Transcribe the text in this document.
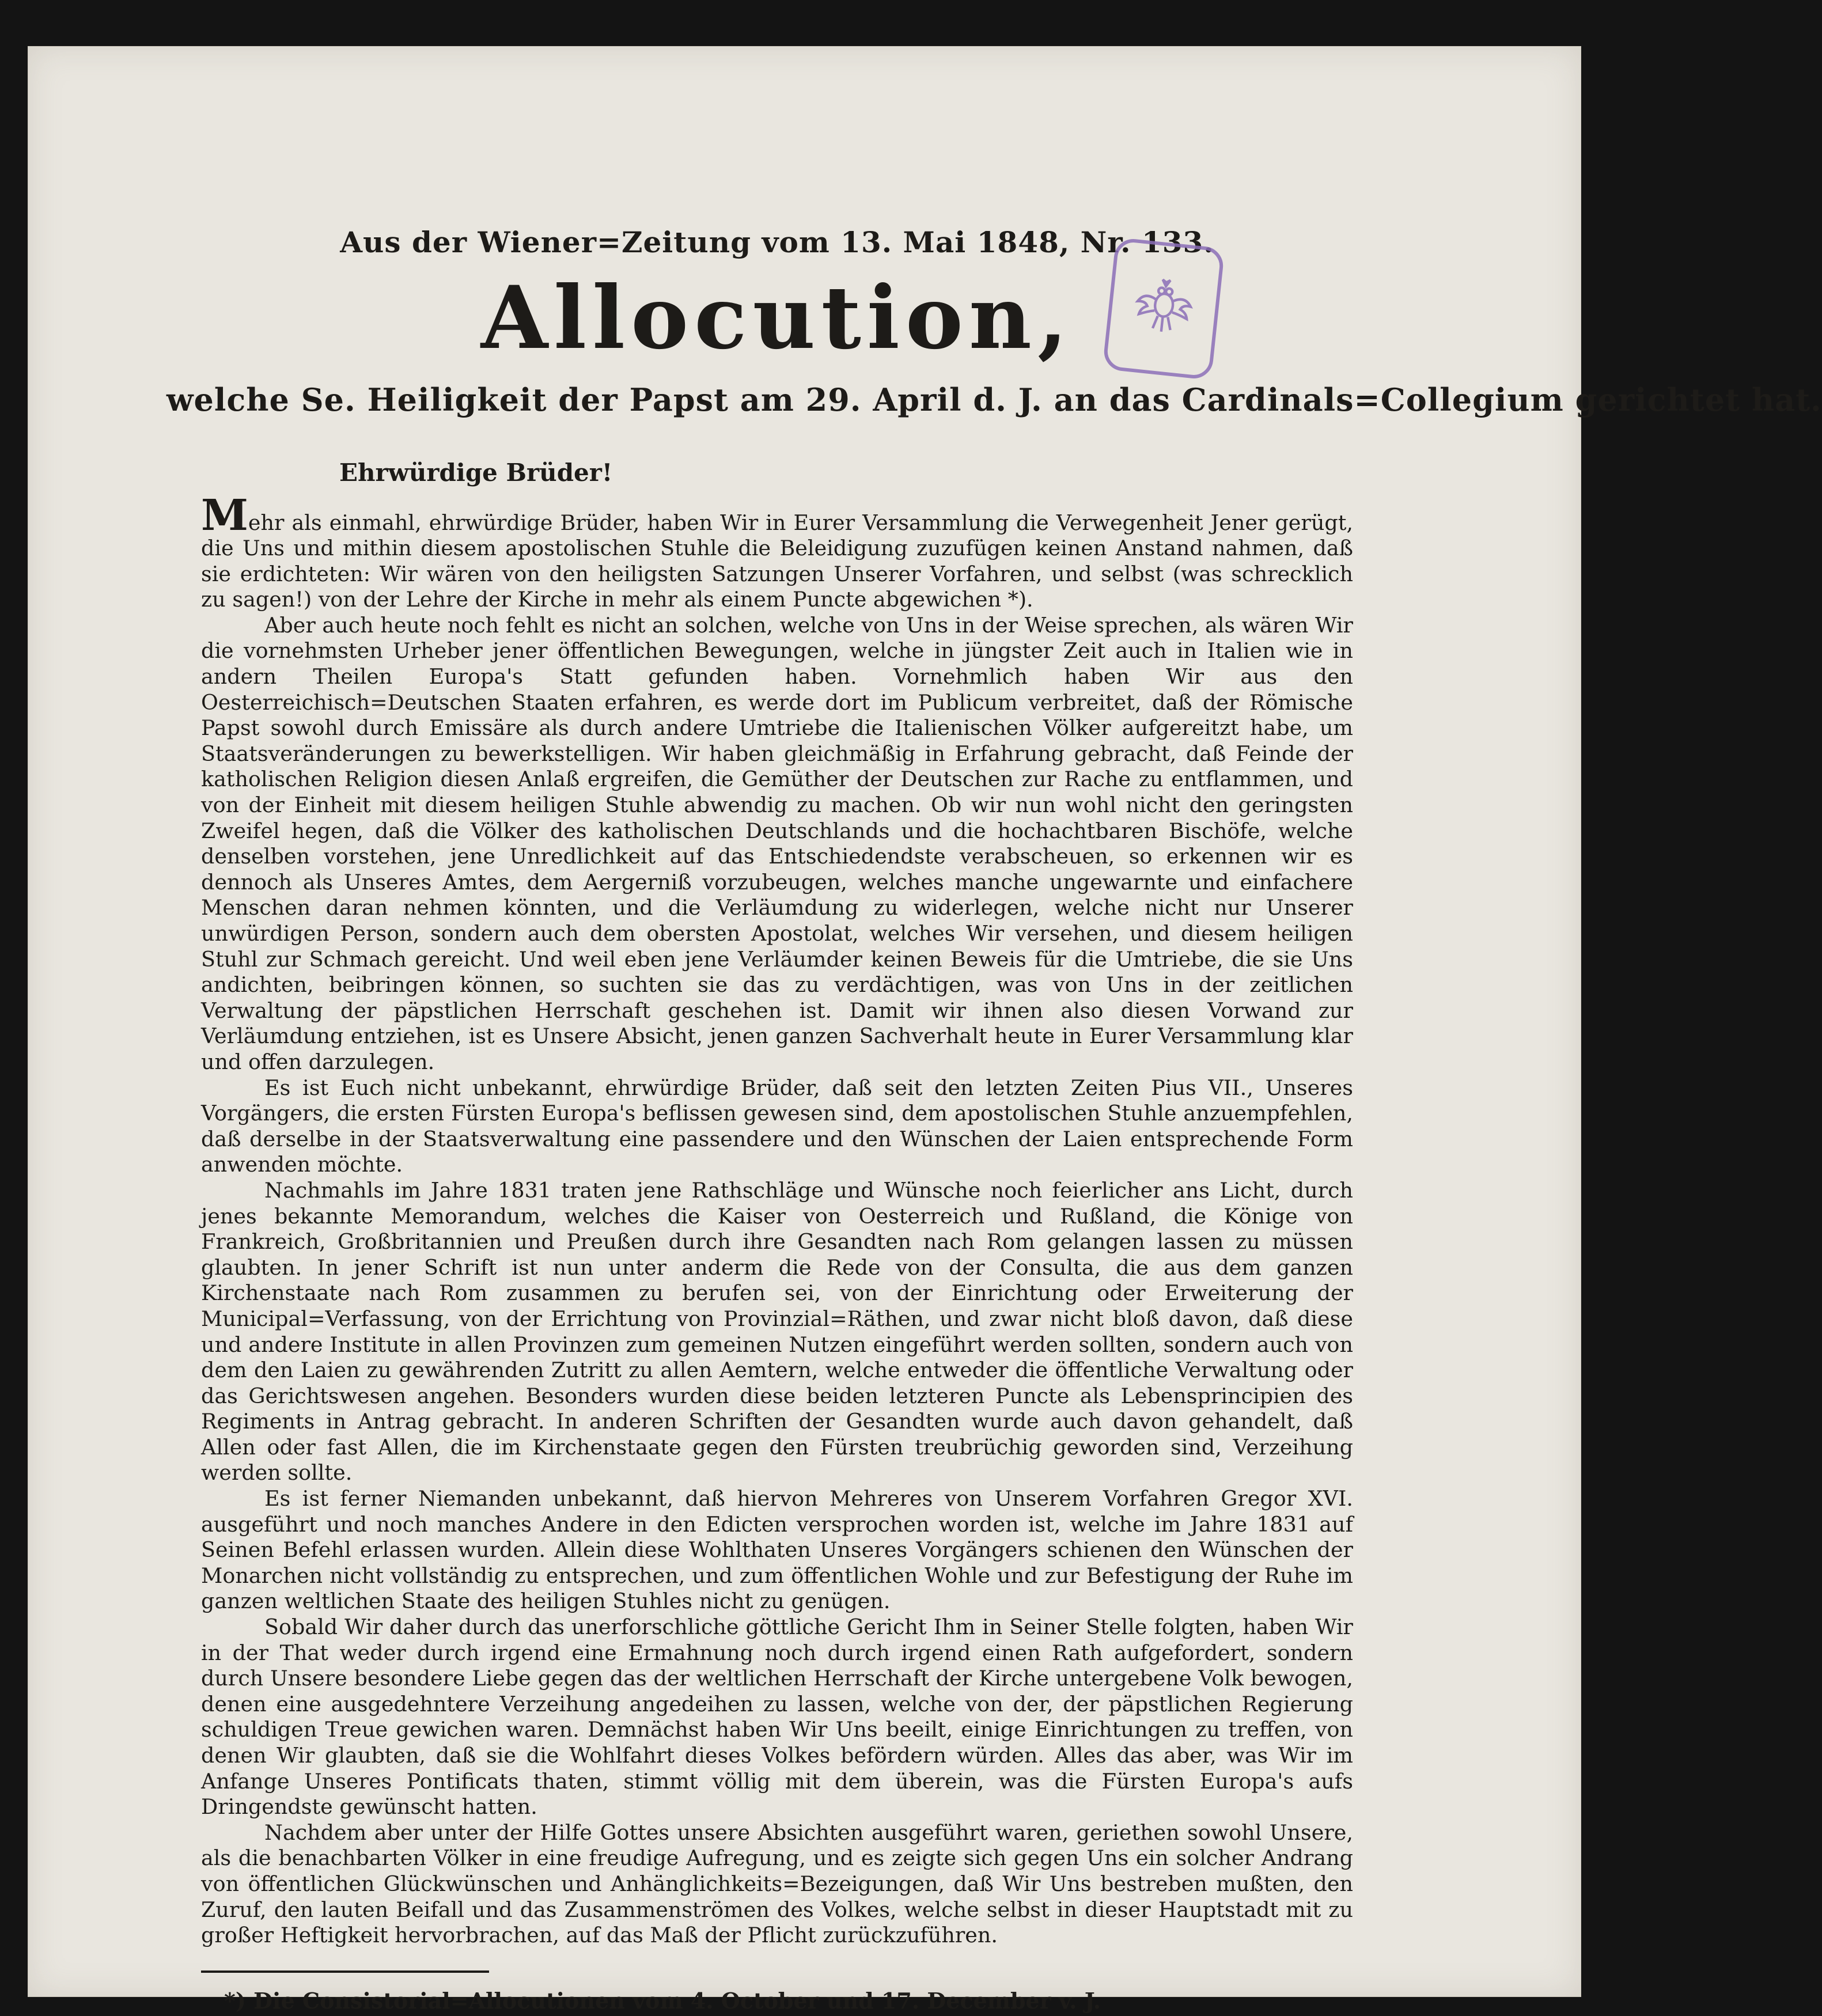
Aus der Wiener=Zeitung vom 13. Mai 1848, Nr. 133.
Allocution,
welche Se. Heiligkeit der Papst am 29. April d. J. an das Cardinals=Collegium gerichtet hat.
Ehrwürdige Brüder!

Mehr als einmahl, ehrwürdige Brüder, haben Wir in Eurer Versammlung die Verwegenheit Jener gerügt, die Uns und mithin diesem apostolischen Stuhle die Beleidigung zuzufügen keinen Anstand nahmen, daß sie erdichteten: Wir wären von den heiligsten Satzungen Unserer Vorfahren, und selbst (was schrecklich zu sagen!) von der Lehre der Kirche in mehr als einem Puncte abgewichen *).

Aber auch heute noch fehlt es nicht an solchen, welche von Uns in der Weise sprechen, als wären Wir die vornehmsten Urheber jener öffentlichen Bewegungen, welche in jüngster Zeit auch in Italien wie in andern Theilen Europa's Statt gefunden haben. Vornehmlich haben Wir aus den Oesterreichisch=Deutschen Staaten erfahren, es werde dort im Publicum verbreitet, daß der Römische Papst sowohl durch Emissäre als durch andere Umtriebe die Italienischen Völker aufgereitzt habe, um Staatsveränderungen zu bewerkstelligen. Wir haben gleichmäßig in Erfahrung gebracht, daß Feinde der katholischen Religion diesen Anlaß ergreifen, die Gemüther der Deutschen zur Rache zu entflammen, und von der Einheit mit diesem heiligen Stuhle abwendig zu machen. Ob wir nun wohl nicht den geringsten Zweifel hegen, daß die Völker des katholischen Deutschlands und die hochachtbaren Bischöfe, welche denselben vorstehen, jene Unredlichkeit auf das Entschiedendste verabscheuen, so erkennen wir es dennoch als Unseres Amtes, dem Aergerniß vorzubeugen, welches manche ungewarnte und einfachere Menschen daran nehmen könnten, und die Verläumdung zu widerlegen, welche nicht nur Unserer unwürdigen Person, sondern auch dem obersten Apostolat, welches Wir versehen, und diesem heiligen Stuhl zur Schmach gereicht. Und weil eben jene Verläumder keinen Beweis für die Umtriebe, die sie Uns andichten, beibringen können, so suchten sie das zu verdächtigen, was von Uns in der zeitlichen Verwaltung der päpstlichen Herrschaft geschehen ist. Damit wir ihnen also diesen Vorwand zur Verläumdung entziehen, ist es Unsere Absicht, jenen ganzen Sachverhalt heute in Eurer Versammlung klar und offen darzulegen.

Es ist Euch nicht unbekannt, ehrwürdige Brüder, daß seit den letzten Zeiten Pius VII., Unseres Vorgängers, die ersten Fürsten Europa's beflissen gewesen sind, dem apostolischen Stuhle anzuempfehlen, daß derselbe in der Staatsverwaltung eine passendere und den Wünschen der Laien entsprechende Form anwenden möchte.

Nachmahls im Jahre 1831 traten jene Rathschläge und Wünsche noch feierlicher ans Licht, durch jenes bekannte Memorandum, welches die Kaiser von Oesterreich und Rußland, die Könige von Frankreich, Großbritannien und Preußen durch ihre Gesandten nach Rom gelangen lassen zu müssen glaubten. In jener Schrift ist nun unter anderm die Rede von der Consulta, die aus dem ganzen Kirchenstaate nach Rom zusammen zu berufen sei, von der Einrichtung oder Erweiterung der Municipal=Verfassung, von der Errichtung von Provinzial=Räthen, und zwar nicht bloß davon, daß diese und andere Institute in allen Provinzen zum gemeinen Nutzen eingeführt werden sollten, sondern auch von dem den Laien zu gewährenden Zutritt zu allen Aemtern, welche entweder die öffentliche Verwaltung oder das Gerichtswesen angehen. Besonders wurden diese beiden letzteren Puncte als Lebensprincipien des Regiments in Antrag gebracht. In anderen Schriften der Gesandten wurde auch davon gehandelt, daß Allen oder fast Allen, die im Kirchenstaate gegen den Fürsten treubrüchig geworden sind, Verzeihung werden sollte.

Es ist ferner Niemanden unbekannt, daß hiervon Mehreres von Unserem Vorfahren Gregor XVI. ausgeführt und noch manches Andere in den Edicten versprochen worden ist, welche im Jahre 1831 auf Seinen Befehl erlassen wurden. Allein diese Wohlthaten Unseres Vorgängers schienen den Wünschen der Monarchen nicht vollständig zu entsprechen, und zum öffentlichen Wohle und zur Befestigung der Ruhe im ganzen weltlichen Staate des heiligen Stuhles nicht zu genügen.

Sobald Wir daher durch das unerforschliche göttliche Gericht Ihm in Seiner Stelle folgten, haben Wir in der That weder durch irgend eine Ermahnung noch durch irgend einen Rath aufgefordert, sondern durch Unsere besondere Liebe gegen das der weltlichen Herrschaft der Kirche untergebene Volk bewogen, denen eine ausgedehntere Verzeihung angedeihen zu lassen, welche von der, der päpstlichen Regierung schuldigen Treue gewichen waren. Demnächst haben Wir Uns beeilt, einige Einrichtungen zu treffen, von denen Wir glaubten, daß sie die Wohlfahrt dieses Volkes befördern würden. Alles das aber, was Wir im Anfange Unseres Pontificats thaten, stimmt völlig mit dem überein, was die Fürsten Europa's aufs Dringendste gewünscht hatten.

Nachdem aber unter der Hilfe Gottes unsere Absichten ausgeführt waren, geriethen sowohl Unsere, als die benachbarten Völker in eine freudige Aufregung, und es zeigte sich gegen Uns ein solcher Andrang von öffentlichen Glückwünschen und Anhänglichkeits=Bezeigungen, daß Wir Uns bestreben mußten, den Zuruf, den lauten Beifall und das Zusammenströmen des Volkes, welche selbst in dieser Hauptstadt mit zu großer Heftigkeit hervorbrachen, auf das Maß der Pflicht zurückzuführen.

*) Die Consistorial=Allocutionen vom 4. October und 17. December v. J.
